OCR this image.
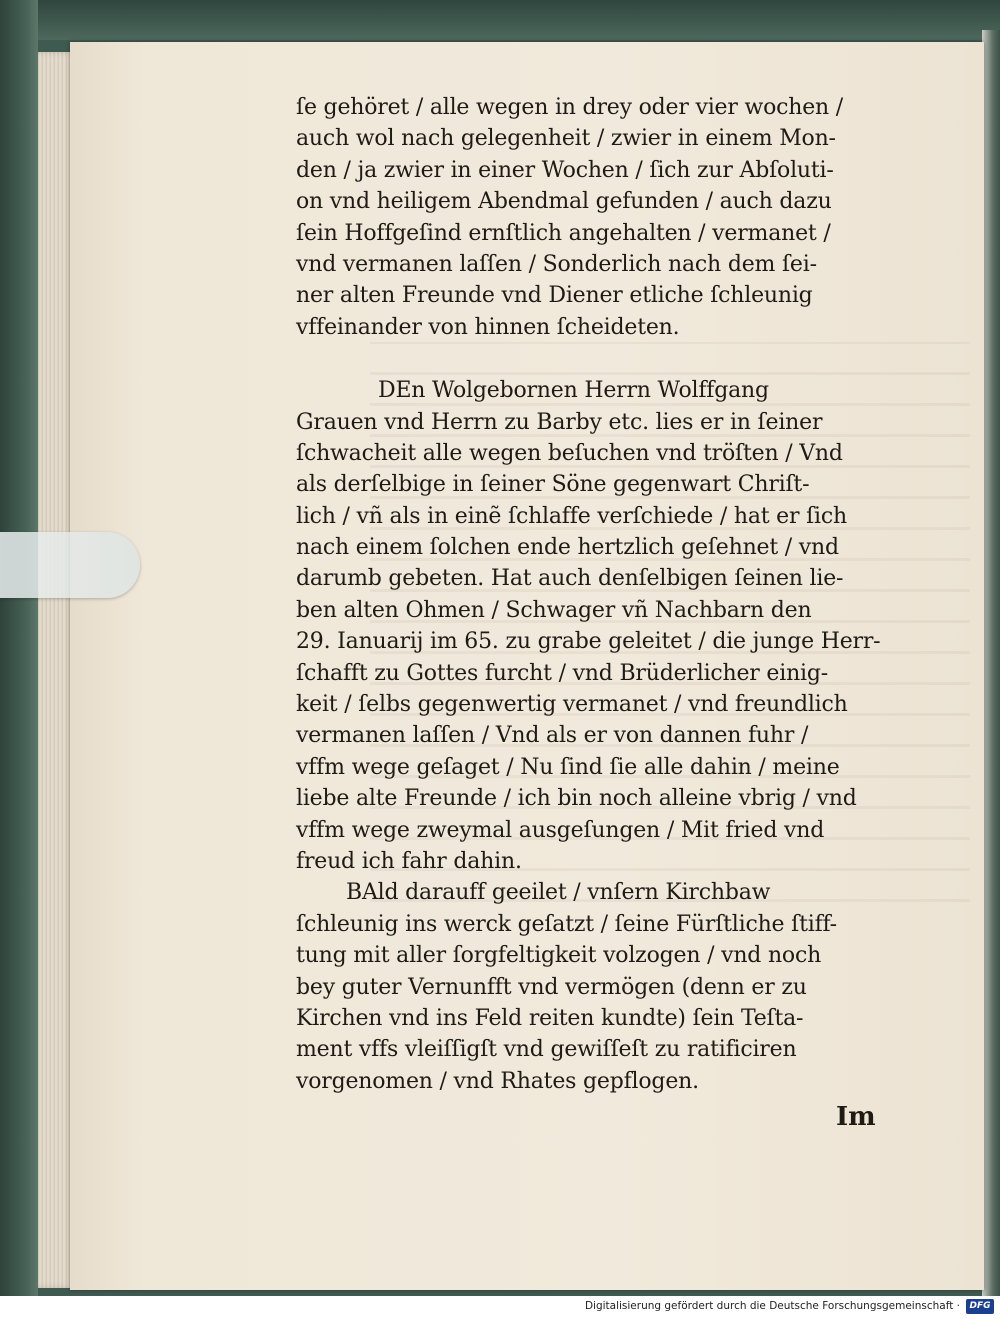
ſe gehöret / alle wegen in drey oder vier wochen /
auch wol nach gelegenheit / zwier in einem Mon-
den / ja zwier in einer Wochen / ſich zur Abſoluti-
on vnd heiligem Abendmal gefunden / auch dazu
ſein Hoffgeſind ernſtlich angehalten / vermanet /
vnd vermanen laſſen / Sonderlich nach dem ſei-
ner alten Freunde vnd Diener etliche ſchleunig
vffeinander von hinnen ſcheideten.
DEn Wolgebornen Herrn Wolffgang
Grauen vnd Herrn zu Barby etc. lies er in ſeiner
ſchwacheit alle wegen beſuchen vnd tröſten / Vnd
als derſelbige in ſeiner Söne gegenwart Chriſt-
lich / vñ als in einẽ ſchlaffe verſchiede / hat er ſich
nach einem ſolchen ende hertzlich geſehnet / vnd
darumb gebeten. Hat auch denſelbigen ſeinen lie-
ben alten Ohmen / Schwager vñ Nachbarn den
29. Ianuarij im 65. zu grabe geleitet / die junge Herr-
ſchafft zu Gottes furcht / vnd Brüderlicher einig-
keit / ſelbs gegenwertig vermanet / vnd freundlich
vermanen laſſen / Vnd als er von dannen fuhr /
vffm wege geſaget / Nu ſind ſie alle dahin / meine
liebe alte Freunde / ich bin noch alleine vbrig / vnd
vffm wege zweymal ausgeſungen / Mit fried vnd
freud ich fahr dahin.
BAld darauff geeilet / vnſern Kirchbaw
ſchleunig ins werck geſatzt / ſeine Fürſtliche ſtiff-
tung mit aller ſorgfeltigkeit volzogen / vnd noch
bey guter Vernunfft vnd vermögen (denn er zu
Kirchen vnd ins Feld reiten kundte) ſein Teſta-
ment vffs vleiſſigſt vnd gewiſſeſt zu ratificiren
vorgenomen / vnd Rhates gepflogen.
Im
Digitalisierung gefördert durch die Deutsche Forschungsgemeinschaft ·	DFG
